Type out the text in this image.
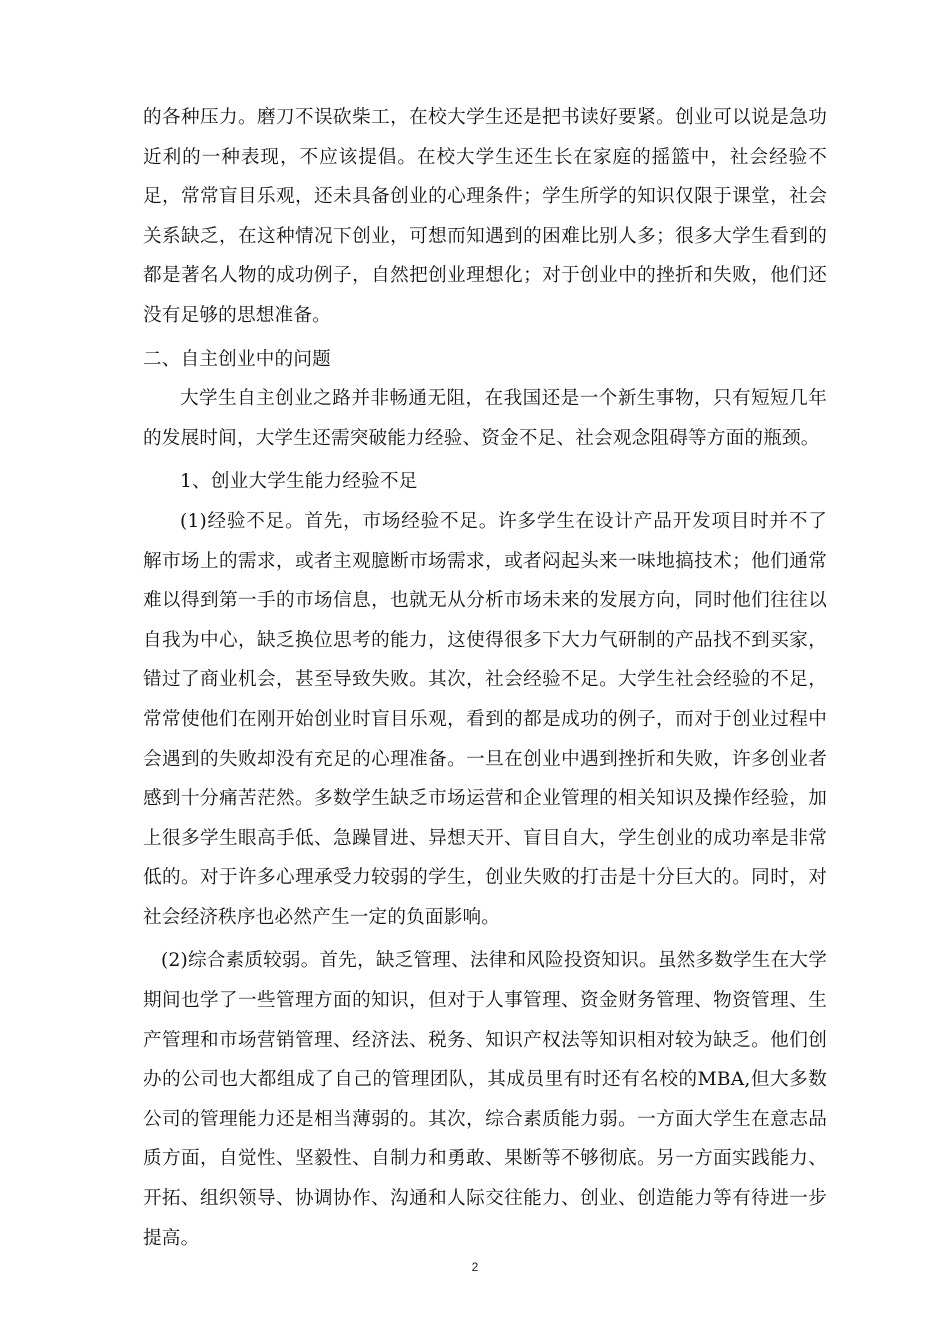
的各种压力。磨刀不误砍柴工，在校大学生还是把书读好要紧。创业可以说是急功近利的一种表现，不应该提倡。在校大学生还生长在家庭的摇篮中，社会经验不足，常常盲目乐观，还未具备创业的心理条件；学生所学的知识仅限于课堂，社会关系缺乏，在这种情况下创业，可想而知遇到的困难比别人多；很多大学生看到的都是著名人物的成功例子，自然把创业理想化；对于创业中的挫折和失败，他们还没有足够的思想准备。

二、自主创业中的问题

大学生自主创业之路并非畅通无阻，在我国还是一个新生事物，只有短短几年的发展时间，大学生还需突破能力经验、资金不足、社会观念阻碍等方面的瓶颈。

1、创业大学生能力经验不足

(1)经验不足。首先，市场经验不足。许多学生在设计产品开发项目时并不了解市场上的需求，或者主观臆断市场需求，或者闷起头来一味地搞技术；他们通常难以得到第一手的市场信息，也就无从分析市场未来的发展方向，同时他们往往以自我为中心，缺乏换位思考的能力，这使得很多下大力气研制的产品找不到买家，错过了商业机会，甚至导致失败。其次，社会经验不足。大学生社会经验的不足，常常使他们在刚开始创业时盲目乐观，看到的都是成功的例子，而对于创业过程中会遇到的失败却没有充足的心理准备。一旦在创业中遇到挫折和失败，许多创业者感到十分痛苦茫然。多数学生缺乏市场运营和企业管理的相关知识及操作经验，加上很多学生眼高手低、急躁冒进、异想天开、盲目自大，学生创业的成功率是非常低的。对于许多心理承受力较弱的学生，创业失败的打击是十分巨大的。同时，对社会经济秩序也必然产生一定的负面影响。

(2)综合素质较弱。首先，缺乏管理、法律和风险投资知识。虽然多数学生在大学期间也学了一些管理方面的知识，但对于人事管理、资金财务管理、物资管理、生产管理和市场营销管理、经济法、税务、知识产权法等知识相对较为缺乏。他们创办的公司也大都组成了自己的管理团队，其成员里有时还有名校的MBA,但大多数公司的管理能力还是相当薄弱的。其次，综合素质能力弱。一方面大学生在意志品质方面，自觉性、坚毅性、自制力和勇敢、果断等不够彻底。另一方面实践能力、开拓、组织领导、协调协作、沟通和人际交往能力、创业、创造能力等有待进一步提高。

2
